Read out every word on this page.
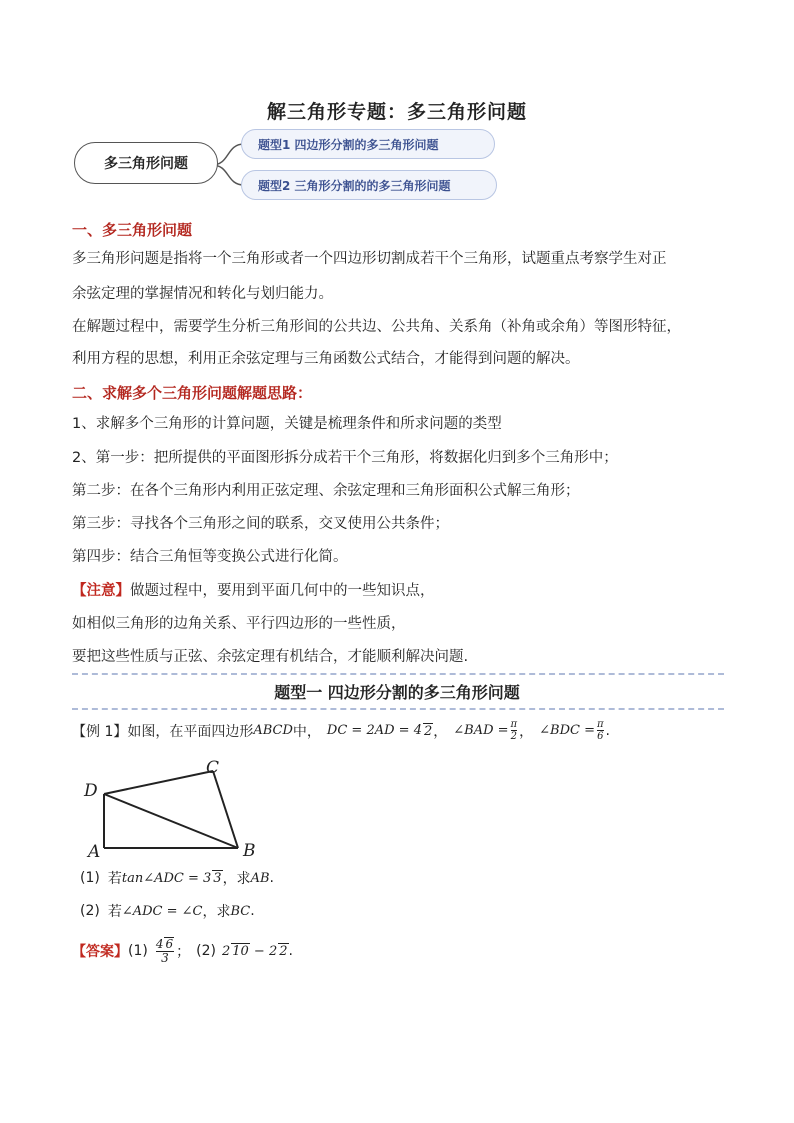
解三角形专题：多三角形问题
多三角形问题
题型1 四边形分割的多三角形问题
题型2 三角形分割的的多三角形问题
一、多三角形问题
多三角形问题是指将一个三角形或者一个四边形切割成若干个三角形，试题重点考察学生对正
余弦定理的掌握情况和转化与划归能力。
在解题过程中，需要学生分析三角形间的公共边、公共角、关系角（补角或余角）等图形特征，
利用方程的思想，利用正余弦定理与三角函数公式结合，才能得到问题的解决。
二、求解多个三角形问题解题思路：
1、求解多个三角形的计算问题，关键是梳理条件和所求问题的类型
2、第一步：把所提供的平面图形拆分成若干个三角形，将数据化归到多个三角形中；
第二步：在各个三角形内利用正弦定理、余弦定理和三角形面积公式解三角形；
第三步：寻找各个三角形之间的联系，交叉使用公共条件；
第四步：结合三角恒等变换公式进行化简。
【注意】做题过程中，要用到平面几何中的一些知识点，
如相似三角形的边角关系、平行四边形的一些性质，
要把这些性质与正弦、余弦定理有机结合，才能顺利解决问题.
题型一 四边形分割的多三角形问题
【例 1】 如图，在平面四边形 ABCD 中， DC = 2AD = 4 2 ， ∠BAD = $\frac{\pi}{2}$ ， ∠BDC = $\frac{\pi}{6}$ .
D
C
A	B
(1) 若 tan∠ADC = 3 3 ，求 AB .
(2) 若 ∠ADC = ∠C ，求 BC .
【答案】 $(1) \frac{4 6}{3}$ ； (2) 2 10 − 2 2 .
